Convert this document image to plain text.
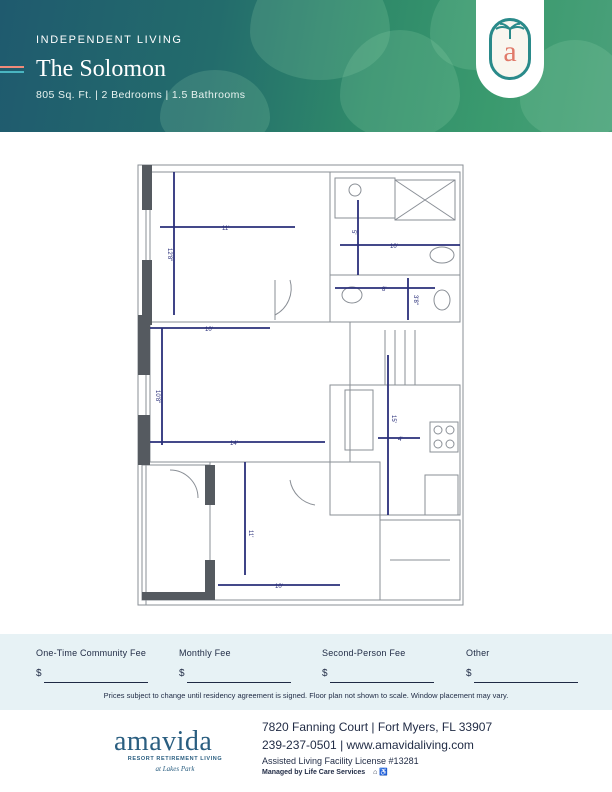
INDEPENDENT LIVING
The Solomon
805 Sq. Ft. | 2 Bedrooms | 1.5 Bathrooms
a
11'
12'8"
10'
10'8"
14'
5'
10'
8'
3'8"
15'
4'
11'
10'
One-Time Community Fee	Monthly Fee	Second-Person Fee	Other
$	$	$	$
Prices subject to change until residency agreement is signed. Floor plan not shown to scale. Window placement may vary.
amavida
RESORT RETIREMENT LIVING
at Lakes Park
7820 Fanning Court | Fort Myers, FL 33907
239-237-0501 | www.amavidaliving.com
Assisted Living Facility License #13281
Managed by Life Care Services ⌂ ♿
